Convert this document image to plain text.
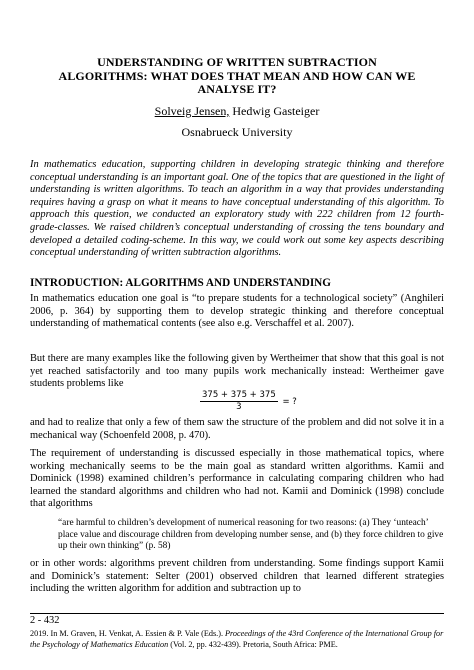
UNDERSTANDING OF WRITTEN SUBTRACTION
ALGORITHMS: WHAT DOES THAT MEAN AND HOW CAN WE
ANALYSE IT?
Solveig Jensen, Hedwig Gasteiger
Osnabrueck University
In mathematics education, supporting children in developing strategic thinking and therefore conceptual understanding is an important goal. One of the topics that are questioned in the light of understanding is written algorithms. To teach an algorithm in a way that provides understanding requires having a grasp on what it means to have conceptual understanding of this algorithm. To approach this question, we conducted an exploratory study with 222 children from 12 fourth-grade-classes. We raised children’s conceptual understanding of crossing the tens boundary and developed a detailed coding-scheme. In this way, we could work out some key aspects describing conceptual understanding of written subtraction algorithms.
INTRODUCTION: ALGORITHMS AND UNDERSTANDING
In mathematics education one goal is “to prepare students for a technological society” (Anghileri 2006, p. 364) by supporting them to develop strategic thinking and therefore conceptual understanding of mathematical contents (see also e.g. Verschaffel et al. 2007).
But there are many examples like the following given by Wertheimer that show that this goal is not yet reached satisfactorily and too many pupils work mechanically instead: Wertheimer gave students problems like
$\frac{375 + 375 + 375}{3}$ = ?
and had to realize that only a few of them saw the structure of the problem and did not solve it in a mechanical way (Schoenfeld 2008, p. 470).
The requirement of understanding is discussed especially in those mathematical topics, where working mechanically seems to be the main goal as standard written algorithms. Kamii and Dominick (1998) examined children’s performance in calculating comparing children who had learned the standard algorithms and children who had not. Kamii and Dominick (1998) conclude that algorithms
“are harmful to children’s development of numerical reasoning for two reasons: (a) They ‘unteach’ place value and discourage children from developing number sense, and (b) they force children to give up their own thinking” (p. 58)
or in other words: algorithms prevent children from understanding. Some findings support Kamii and Dominick’s statement: Selter (2001) observed children that learned different strategies including the written algorithm for addition and subtraction up to
2 - 432
2019. In M. Graven, H. Venkat, A. Essien & P. Vale (Eds.). Proceedings of the 43rd Conference of the International Group for the Psychology of Mathematics Education (Vol. 2, pp. 432-439). Pretoria, South Africa: PME.
